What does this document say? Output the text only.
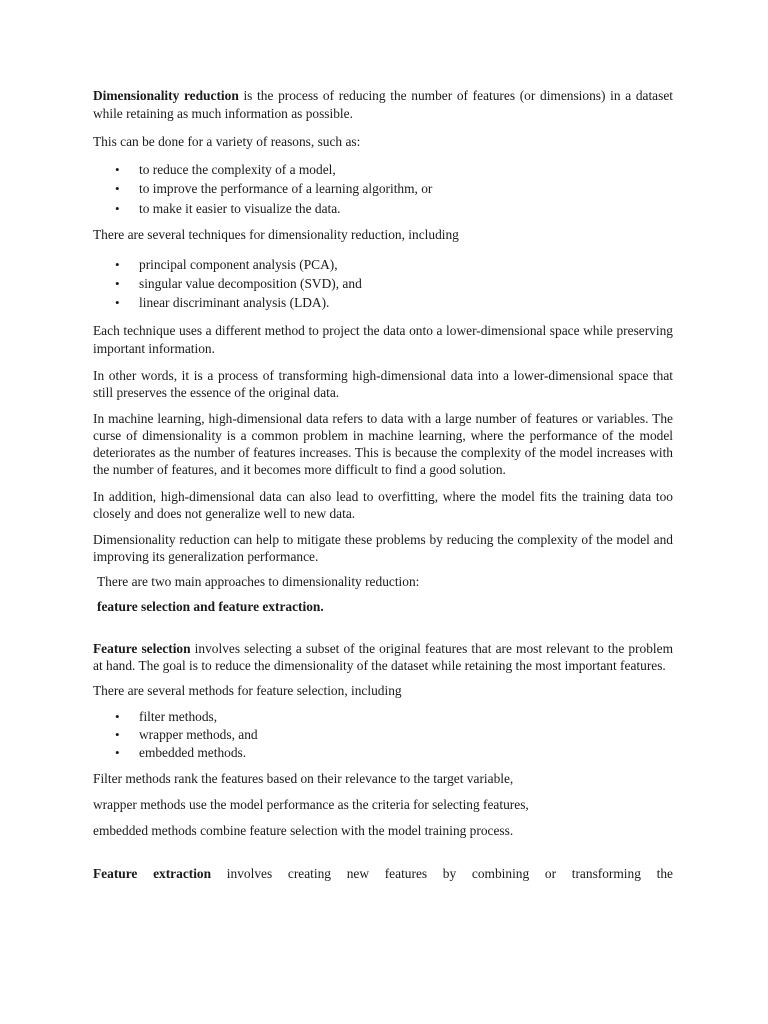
Dimensionality reduction is the process of reducing the number of features (or dimensions) in a dataset while retaining as much information as possible.

This can be done for a variety of reasons, such as:

• to reduce the complexity of a model,
• to improve the performance of a learning algorithm, or
• to make it easier to visualize the data.

There are several techniques for dimensionality reduction, including

• principal component analysis (PCA),
• singular value decomposition (SVD), and
• linear discriminant analysis (LDA).

Each technique uses a different method to project the data onto a lower-dimensional space while preserving important information.

In other words, it is a process of transforming high-dimensional data into a lower-dimensional space that still preserves the essence of the original data.

In machine learning, high-dimensional data refers to data with a large number of features or variables. The curse of dimensionality is a common problem in machine learning, where the performance of the model deteriorates as the number of features increases. This is because the complexity of the model increases with the number of features, and it becomes more difficult to find a good solution.

In addition, high-dimensional data can also lead to overfitting, where the model fits the training data too closely and does not generalize well to new data.

Dimensionality reduction can help to mitigate these problems by reducing the complexity of the model and improving its generalization performance.

There are two main approaches to dimensionality reduction:

feature selection and feature extraction.

Feature selection involves selecting a subset of the original features that are most relevant to the problem at hand. The goal is to reduce the dimensionality of the dataset while retaining the most important features.

There are several methods for feature selection, including

• filter methods,
• wrapper methods, and
• embedded methods.

Filter methods rank the features based on their relevance to the target variable,

wrapper methods use the model performance as the criteria for selecting features,

embedded methods combine feature selection with the model training process.

Feature extraction involves creating new features by combining or transforming the
